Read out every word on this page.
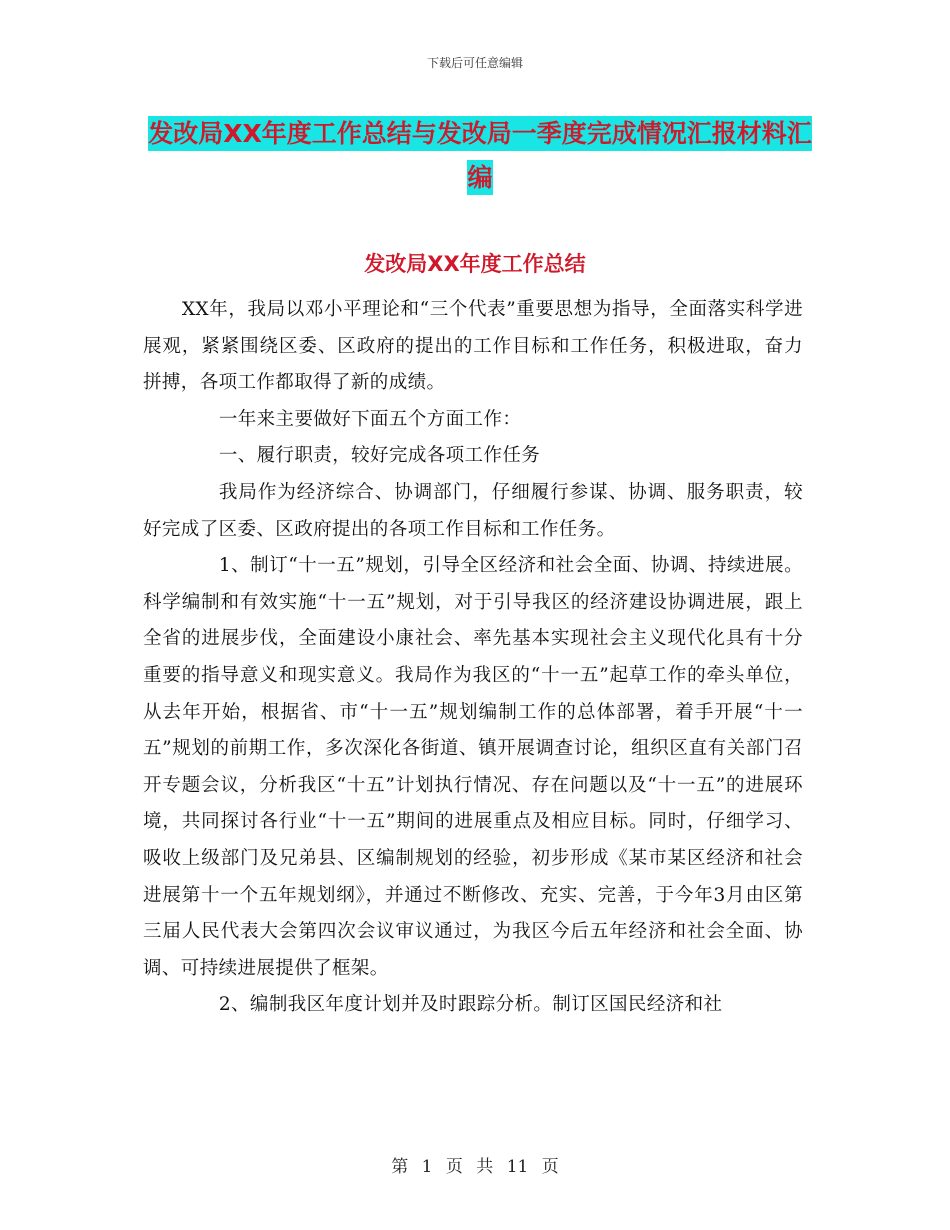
下载后可任意编辑
发改局XX年度工作总结与发改局一季度完成情况汇报材料汇编
发改局XX年度工作总结

XX年，我局以邓小平理论和“三个代表”重要思想为指导，全面落实科学进展观，紧紧围绕区委、区政府的提出的工作目标和工作任务，积极进取，奋力拼搏，各项工作都取得了新的成绩。

一年来主要做好下面五个方面工作：

一、履行职责，较好完成各项工作任务

我局作为经济综合、协调部门，仔细履行参谋、协调、服务职责，较好完成了区委、区政府提出的各项工作目标和工作任务。

1、制订“十一五”规划，引导全区经济和社会全面、协调、持续进展。科学编制和有效实施“十一五”规划，对于引导我区的经济建设协调进展，跟上全省的进展步伐，全面建设小康社会、率先基本实现社会主义现代化具有十分重要的指导意义和现实意义。我局作为我区的“十一五”起草工作的牵头单位，从去年开始，根据省、市“十一五”规划编制工作的总体部署，着手开展“十一五”规划的前期工作，多次深化各街道、镇开展调查讨论，组织区直有关部门召开专题会议，分析我区“十五”计划执行情况、存在问题以及“十一五”的进展环境，共同探讨各行业“十一五”期间的进展重点及相应目标。同时，仔细学习、吸收上级部门及兄弟县、区编制规划的经验，初步形成《某市某区经济和社会进展第十一个五年规划纲》，并通过不断修改、充实、完善，于今年3月由区第三届人民代表大会第四次会议审议通过，为我区今后五年经济和社会全面、协调、可持续进展提供了框架。

2、编制我区年度计划并及时跟踪分析。制订区国民经济和社

第 1 页 共 11 页
